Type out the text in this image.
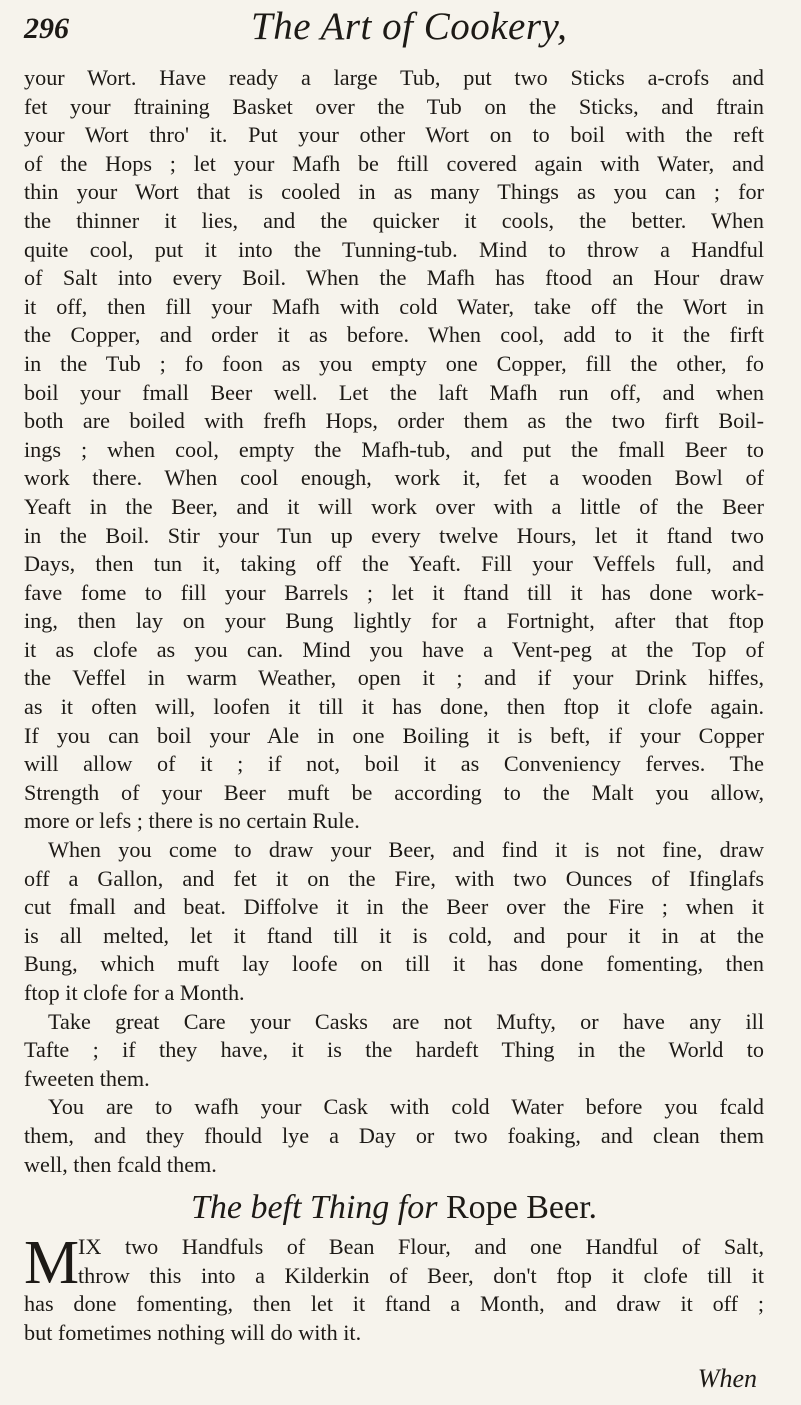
296	The Art of Cookery,

your Wort. Have ready a large Tub, put two Sticks a-crofs and
fet your ftraining Basket over the Tub on the Sticks, and ftrain
your Wort thro' it. Put your other Wort on to boil with the reft
of the Hops ; let your Mafh be ftill covered again with Water, and
thin your Wort that is cooled in as many Things as you can ; for
the thinner it lies, and the quicker it cools, the better. When
quite cool, put it into the Tunning-tub. Mind to throw a Handful
of Salt into every Boil. When the Mafh has ftood an Hour draw
it off, then fill your Mafh with cold Water, take off the Wort in
the Copper, and order it as before. When cool, add to it the firft
in the Tub ; fo foon as you empty one Copper, fill the other, fo
boil your fmall Beer well. Let the laft Mafh run off, and when
both are boiled with frefh Hops, order them as the two firft Boil-
ings ; when cool, empty the Mafh-tub, and put the fmall Beer to
work there. When cool enough, work it, fet a wooden Bowl of
Yeaft in the Beer, and it will work over with a little of the Beer
in the Boil. Stir your Tun up every twelve Hours, let it ftand two
Days, then tun it, taking off the Yeaft. Fill your Veffels full, and
fave fome to fill your Barrels ; let it ftand till it has done work-
ing, then lay on your Bung lightly for a Fortnight, after that ftop
it as clofe as you can. Mind you have a Vent-peg at the Top of
the Veffel in warm Weather, open it ; and if your Drink hiffes,
as it often will, loofen it till it has done, then ftop it clofe again.
If you can boil your Ale in one Boiling it is beft, if your Copper
will allow of it ; if not, boil it as Conveniency ferves. The
Strength of your Beer muft be according to the Malt you allow,
more or lefs ; there is no certain Rule.

When you come to draw your Beer, and find it is not fine, draw
off a Gallon, and fet it on the Fire, with two Ounces of Ifinglafs
cut fmall and beat. Diffolve it in the Beer over the Fire ; when it
is all melted, let it ftand till it is cold, and pour it in at the
Bung, which muft lay loofe on till it has done fomenting, then
ftop it clofe for a Month.

Take great Care your Casks are not Mufty, or have any ill
Tafte ; if they have, it is the hardeft Thing in the World to
fweeten them.

You are to wafh your Cask with cold Water before you fcald
them, and they fhould lye a Day or two foaking, and clean them
well, then fcald them.

The beft Thing for Rope Beer.
M
IX two Handfuls of Bean Flour, and one Handful of Salt,
throw this into a Kilderkin of Beer, don't ftop it clofe till it
has done fomenting, then let it ftand a Month, and draw it off ;
but fometimes nothing will do with it.
When
